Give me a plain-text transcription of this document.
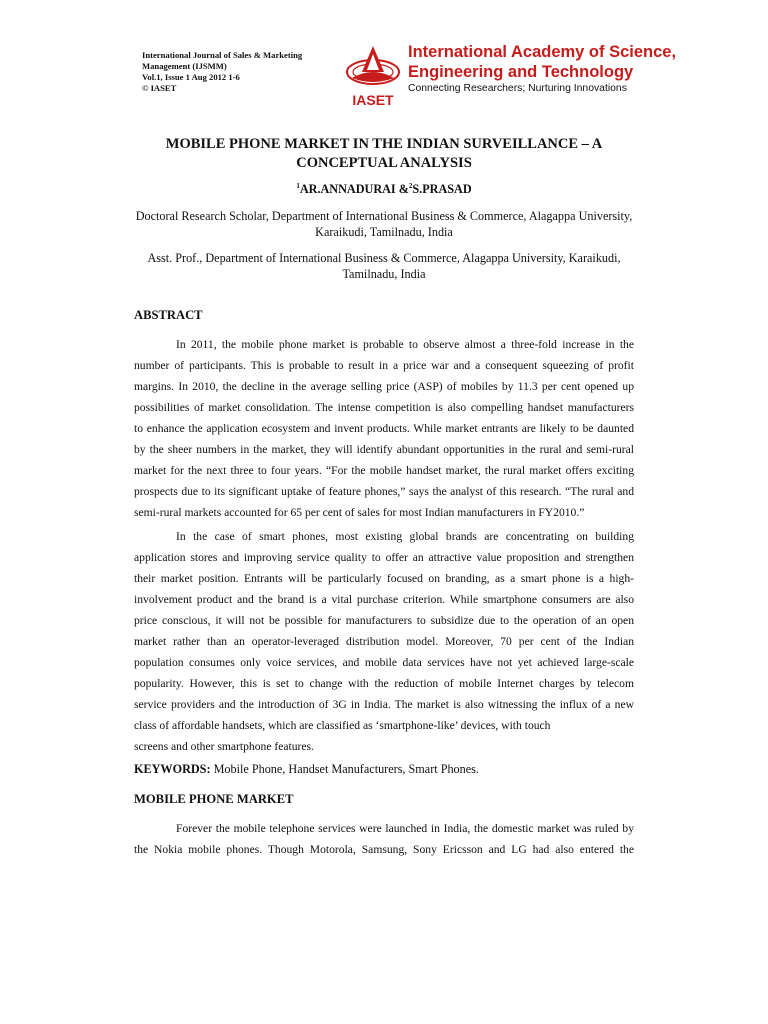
International Journal of Sales & Marketing
Management (IJSMM)
Vol.1, Issue 1 Aug 2012 1-6
© IASET
IASET
International Academy of Science,
Engineering and Technology
Connecting Researchers; Nurturing Innovations
MOBILE PHONE MARKET IN THE INDIAN SURVEILLANCE – A
CONCEPTUAL ANALYSIS
$^1$AR.ANNADURAI &$^2$S.PRASAD
Doctoral Research Scholar, Department of International Business & Commerce, Alagappa University,
Karaikudi, Tamilnadu, India
Asst. Prof., Department of International Business & Commerce, Alagappa University, Karaikudi,
Tamilnadu, India
ABSTRACT
In 2011, the mobile phone market is probable to observe almost a three-fold increase in the
number of participants. This is probable to result in a price war and a consequent squeezing of profit
margins. In 2010, the decline in the average selling price (ASP) of mobiles by 11.3 per cent opened up
possibilities of market consolidation. The intense competition is also compelling handset manufacturers
to enhance the application ecosystem and invent products. While market entrants are likely to be daunted
by the sheer numbers in the market, they will identify abundant opportunities in the rural and semi-rural
market for the next three to four years. “For the mobile handset market, the rural market offers exciting
prospects due to its significant uptake of feature phones,” says the analyst of this research. “The rural and
semi-rural markets accounted for 65 per cent of sales for most Indian manufacturers in FY2010.”
In the case of smart phones, most existing global brands are concentrating on building
application stores and improving service quality to offer an attractive value proposition and strengthen
their market position. Entrants will be particularly focused on branding, as a smart phone is a high-
involvement product and the brand is a vital purchase criterion. While smartphone consumers are also
price conscious, it will not be possible for manufacturers to subsidize due to the operation of an open
market rather than an operator-leveraged distribution model. Moreover, 70 per cent of the Indian
population consumes only voice services, and mobile data services have not yet achieved large-scale
popularity. However, this is set to change with the reduction of mobile Internet charges by telecom
service providers and the introduction of 3G in India. The market is also witnessing the influx of a new
class of affordable handsets, which are classified as ‘smartphone-like’ devices, with touch
screens and other smartphone features.
KEYWORDS: Mobile Phone, Handset Manufacturers, Smart Phones.
MOBILE PHONE MARKET
Forever the mobile telephone services were launched in India, the domestic market was ruled by
the Nokia mobile phones. Though Motorola, Samsung, Sony Ericsson and LG had also entered the
